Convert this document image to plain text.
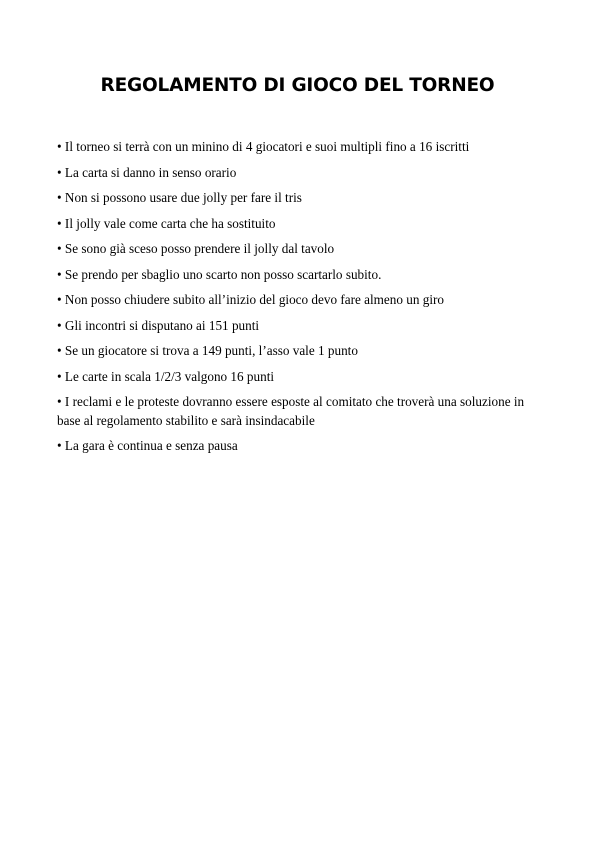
REGOLAMENTO DI GIOCO DEL TORNEO
• Il torneo si terrà con un minino di 4 giocatori e suoi multipli fino a 16 iscritti
• La carta si danno in senso orario
• Non si possono usare due jolly per fare il tris
• Il jolly vale come carta che ha sostituito
• Se sono già sceso posso prendere il jolly dal tavolo
• Se prendo per sbaglio uno scarto non posso scartarlo subito.
• Non posso chiudere subito all’inizio del gioco devo fare almeno un giro
• Gli incontri si disputano ai 151 punti
• Se un giocatore si trova a 149 punti, l’asso vale 1 punto
• Le carte in scala 1/2/3 valgono 16 punti
• I reclami e le proteste dovranno essere esposte al comitato che troverà una soluzione in base al regolamento stabilito e sarà insindacabile
• La gara è continua e senza pausa
